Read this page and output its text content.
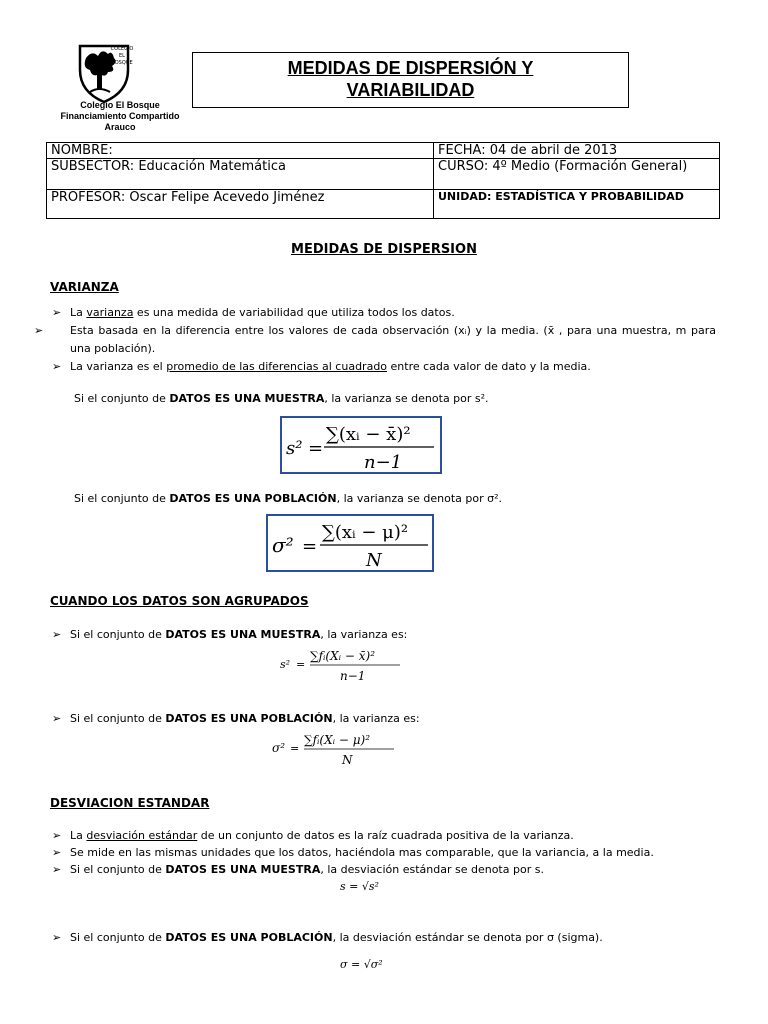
COLEGIO EL BOSQUE
Colegio El Bosque
Financiamiento Compartido
Arauco
MEDIDAS DE DISPERSIÓN Y
VARIABILIDAD
NOMBRE:	FECHA: 04 de abril de 2013
SUBSECTOR: Educación Matemática	CURSO: 4º Medio (Formación General)
PROFESOR: Oscar Felipe Acevedo Jiménez	UNIDAD: ESTADÍSTICA Y PROBABILIDAD
MEDIDAS DE DISPERSION
VARIANZA
➢ La varianza es una medida de variabilidad que utiliza todos los datos.
➢ Esta basada en la diferencia entre los valores de cada observación (xᵢ) y la media. (x̄ , para una muestra, m para una población).
➢ La varianza es el promedio de las diferencias al cuadrado entre cada valor de dato y la media.
Si el conjunto de DATOS ES UNA MUESTRA, la varianza se denota por s².
s² =
∑(xᵢ − x̄)²
n−1
Si el conjunto de DATOS ES UNA POBLACIÓN, la varianza se denota por σ².
σ² =
∑(xᵢ − μ)²
N
CUANDO LOS DATOS SON AGRUPADOS
➢ Si el conjunto de DATOS ES UNA MUESTRA, la varianza es:
s² =
∑fᵢ(Xᵢ − x̄)²
n−1
➢ Si el conjunto de DATOS ES UNA POBLACIÓN, la varianza es:
σ² =
∑fᵢ(Xᵢ − μ)²
N
DESVIACION ESTANDAR
➢ La desviación estándar de un conjunto de datos es la raíz cuadrada positiva de la varianza.
➢ Se mide en las mismas unidades que los datos, haciéndola mas comparable, que la variancia, a la media.
➢ Si el conjunto de DATOS ES UNA MUESTRA, la desviación estándar se denota por s.
s = √s²
➢ Si el conjunto de DATOS ES UNA POBLACIÓN, la desviación estándar se denota por σ (sigma).
σ = √σ²
